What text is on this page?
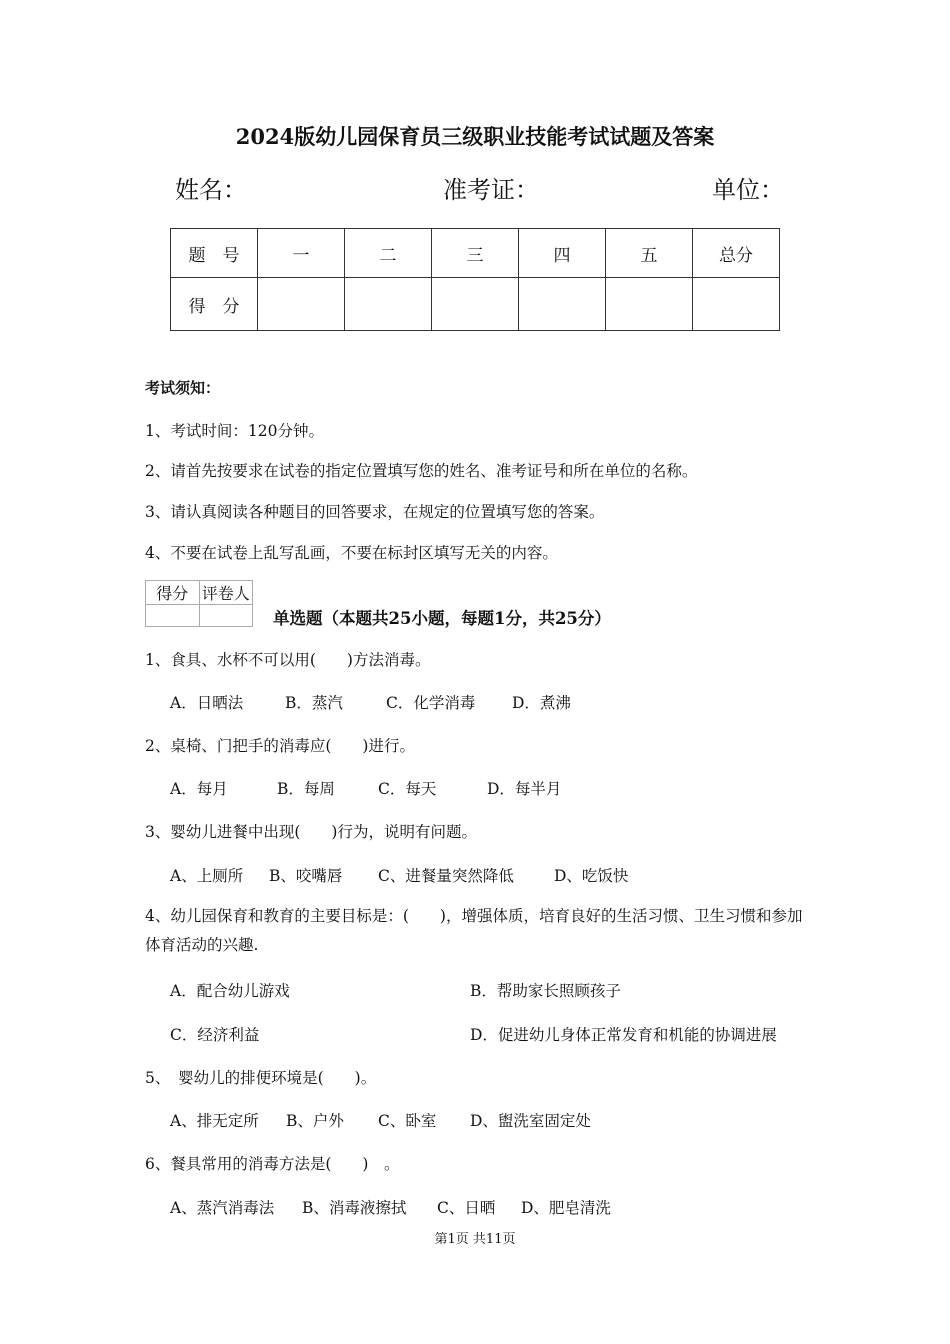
2024版幼儿园保育员三级职业技能考试试题及答案
姓名：	准考证：	单位：
题　号	一	二	三	四	五	总分
得　分						
考试须知：
1、考试时间：120分钟。
2、请首先按要求在试卷的指定位置填写您的姓名、准考证号和所在单位的名称。
3、请认真阅读各种题目的回答要求，在规定的位置填写您的答案。
4、不要在试卷上乱写乱画，不要在标封区填写无关的内容。
得分	评卷人

单选题（本题共25小题，每题1分，共25分）
1、食具、水杯不可以用(　　)方法消毒。
A．日晒法	B．蒸汽	C．化学消毒 D．煮沸
2、桌椅、门把手的消毒应(　　)进行。
A．每月	B．每周	C．每天	D．每半月
3、婴幼儿进餐中出现(　　)行为，说明有问题。
A、上厕所 B、咬嘴唇 C、进餐量突然降低	D、吃饭快
4、幼儿园保育和教育的主要目标是：(　　)，增强体质，培育良好的生活习惯、卫生习惯和参加体育活动的兴趣.
A．配合幼儿游戏	B．帮助家长照顾孩子
C．经济利益	D．促进幼儿身体正常发育和机能的协调进展
5、　婴幼儿的排便环境是(　　)。
A、排无定所 B、户外 C、卧室 D、盥洗室固定处
6、餐具常用的消毒方法是(　　)　。
A、蒸汽消毒法 B、消毒液擦拭 C、日晒 D、肥皂清洗
第1页 共11页
